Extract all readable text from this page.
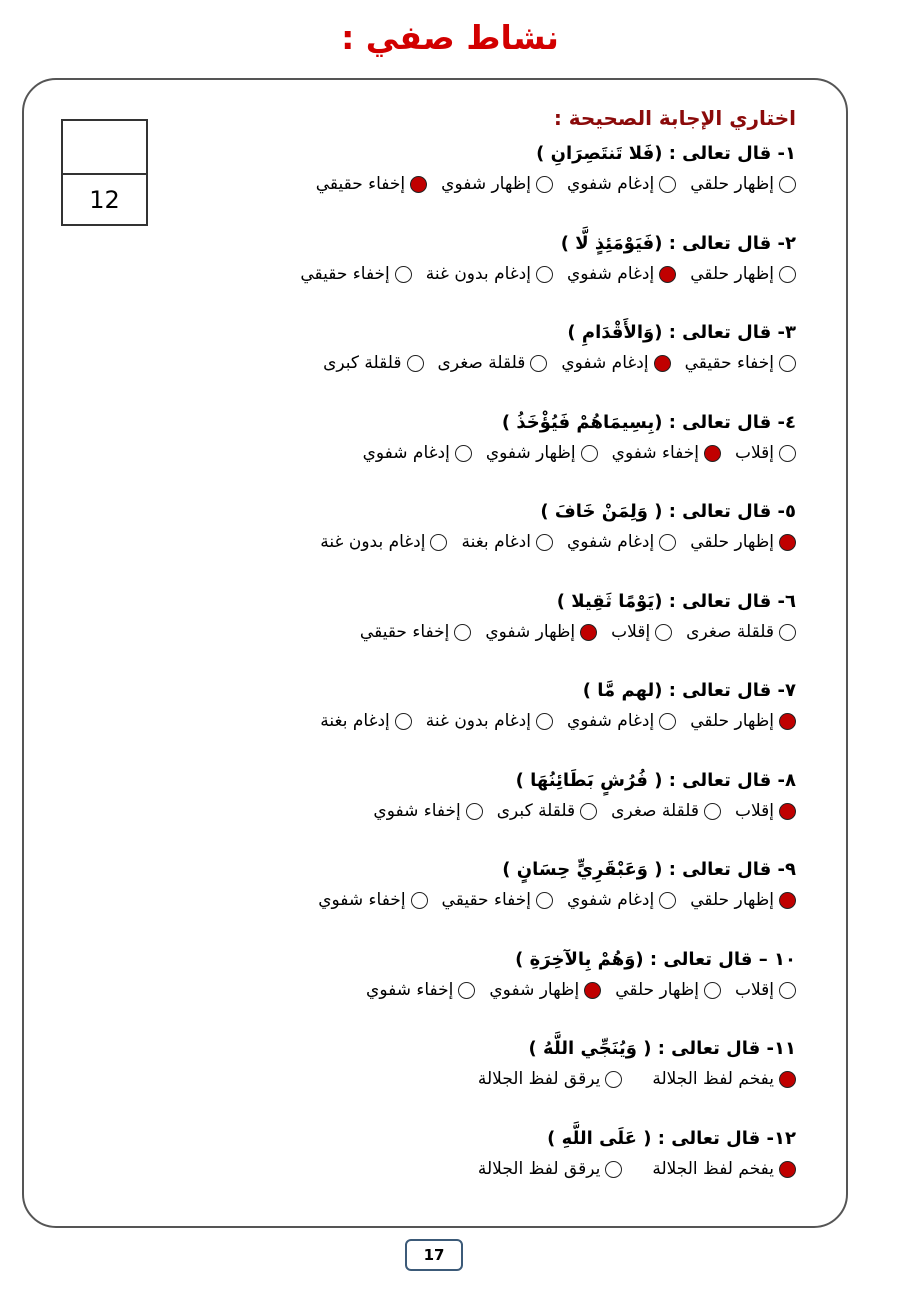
نشاط صفي :
12
اختاري الإجابة الصحيحة :
١- قال تعالى : (فَلا تَنتَصِرَانِ )
إظهار حلقي
إدغام شفوي
إظهار شفوي
إخفاء حقيقي
٢- قال تعالى : (فَيَوْمَئِذٍ لَّا )
إظهار حلقي
إدغام شفوي
إدغام بدون غنة
إخفاء حقيقي
٣- قال تعالى : (وَالأَقْدَامِ )
إخفاء حقيقي
إدغام شفوي
قلقلة صغرى
قلقلة كبرى
٤- قال تعالى : (بِسِيمَاهُمْ فَيُؤْخَذُ )
إقلاب
إخفاء شفوي
إظهار شفوي
إدغام شفوي
٥- قال تعالى : ( وَلِمَنْ خَافَ )
إظهار حلقي
إدغام شفوي
ادغام بغنة
إدغام بدون غنة
٦- قال تعالى : (يَوْمًا ثَقِيلا )
قلقلة صغرى
إقلاب
إظهار شفوي
إخفاء حقيقي
٧- قال تعالى : (لهم مَّا )
إظهار حلقي
إدغام شفوي
إدغام بدون غنة
إدغام بغنة
٨- قال تعالى : ( فُرُشٍ بَطَائِنُهَا )
إقلاب
قلقلة صغرى
قلقلة كبرى
إخفاء شفوي
٩- قال تعالى : ( وَعَبْقَرِيٍّ حِسَانٍ )
إظهار حلقي
إدغام شفوي
إخفاء حقيقي
إخفاء شفوي
١٠ – قال تعالى : (وَهُمْ بِالآخِرَةِ )
إقلاب
إظهار حلقي
إظهار شفوي
إخفاء شفوي
١١- قال تعالى : ( وَيُنَجِّي اللَّهُ )
يفخم لفظ الجلالة
يرقق لفظ الجلالة
١٢- قال تعالى : ( عَلَى اللَّهِ )
يفخم لفظ الجلالة
يرقق لفظ الجلالة
17
